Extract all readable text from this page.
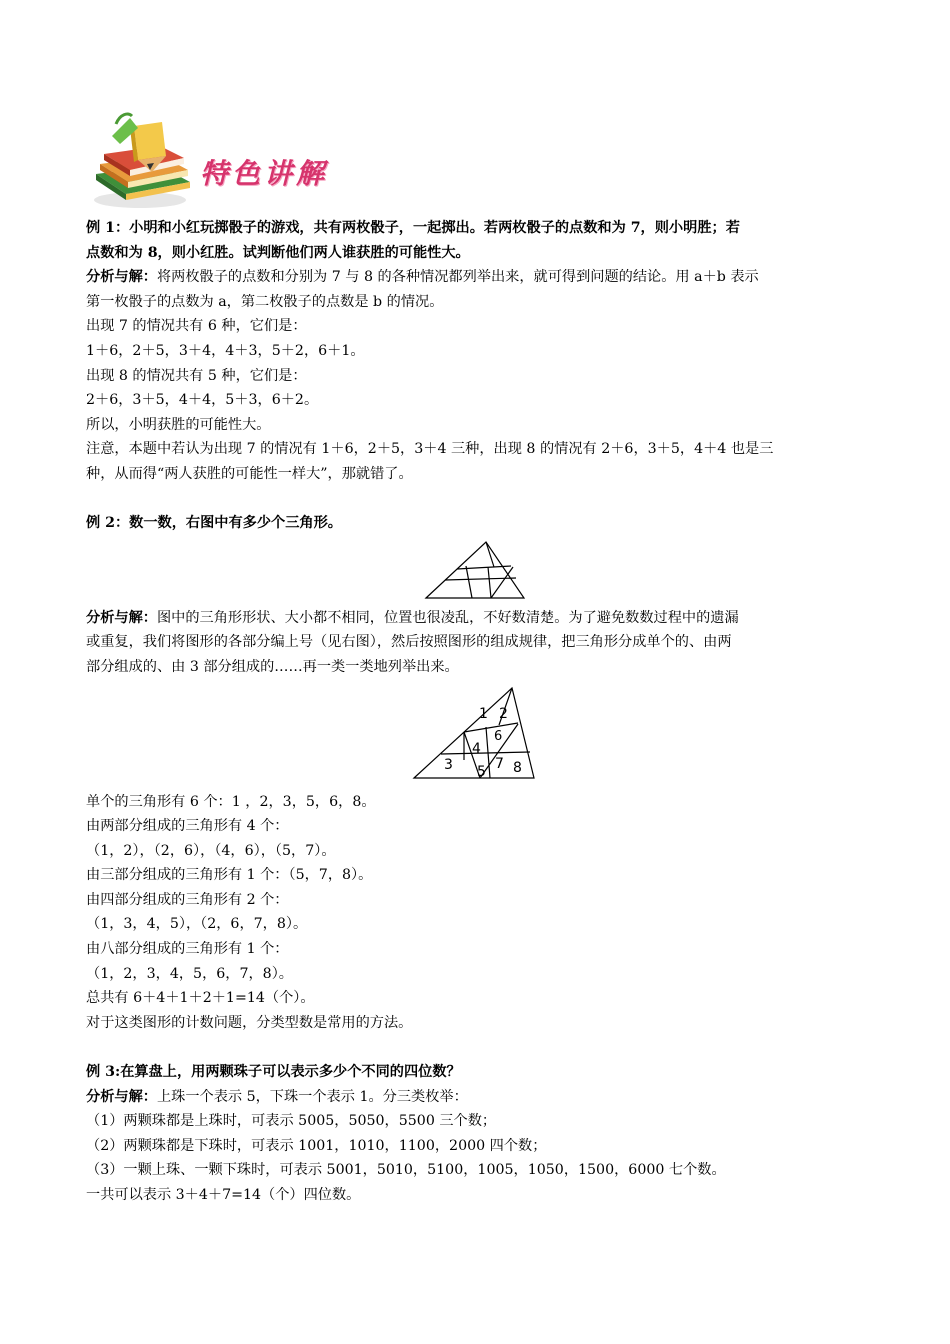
特色讲解
例 1：小明和小红玩掷骰子的游戏，共有两枚骰子，一起掷出。若两枚骰子的点数和为 7，则小明胜；若
点数和为 8，则小红胜。试判断他们两人谁获胜的可能性大。
分析与解：将两枚骰子的点数和分别为 7 与 8 的各种情况都列举出来，就可得到问题的结论。用 a＋b 表示
第一枚骰子的点数为 a，第二枚骰子的点数是 b 的情况。
出现 7 的情况共有 6 种，它们是：
1＋6，2＋5，3＋4，4＋3，5＋2，6＋1。
出现 8 的情况共有 5 种，它们是：
2＋6，3＋5，4＋4，5＋3，6＋2。
所以，小明获胜的可能性大。
注意，本题中若认为出现 7 的情况有 1＋6，2＋5，3＋4 三种，出现 8 的情况有 2＋6，3＋5，4＋4 也是三
种，从而得“两人获胜的可能性一样大”，那就错了。
例 2：数一数，右图中有多少个三角形。
分析与解：图中的三角形形状、大小都不相同，位置也很凌乱，不好数清楚。为了避免数数过程中的遗漏
或重复，我们将图形的各部分编上号（见右图），然后按照图形的组成规律，把三角形分成单个的、由两
部分组成的、由 3 部分组成的……再一类一类地列举出来。
1 2
3
4
5
6
7 8
单个的三角形有 6 个：1 ，2，3，5，6，8。
由两部分组成的三角形有 4 个：
（1，2），（2，6），（4，6），（5，7）。
由三部分组成的三角形有 1 个：（5，7，8）。
由四部分组成的三角形有 2 个：
（1，3，4，5），（2，6，7，8）。
由八部分组成的三角形有 1 个：
（1，2，3，4，5，6，7，8）。
总共有 6＋4＋1＋2＋1=14（个）。
对于这类图形的计数问题，分类型数是常用的方法。
例 3:在算盘上，用两颗珠子可以表示多少个不同的四位数？
分析与解：上珠一个表示 5，下珠一个表示 1。分三类枚举：
（1）两颗珠都是上珠时，可表示 5005，5050，5500 三个数；
（2）两颗珠都是下珠时，可表示 1001，1010，1100，2000 四个数；
（3）一颗上珠、一颗下珠时，可表示 5001，5010，5100，1005，1050，1500，6000 七个数。
一共可以表示 3＋4＋7=14（个）四位数。
